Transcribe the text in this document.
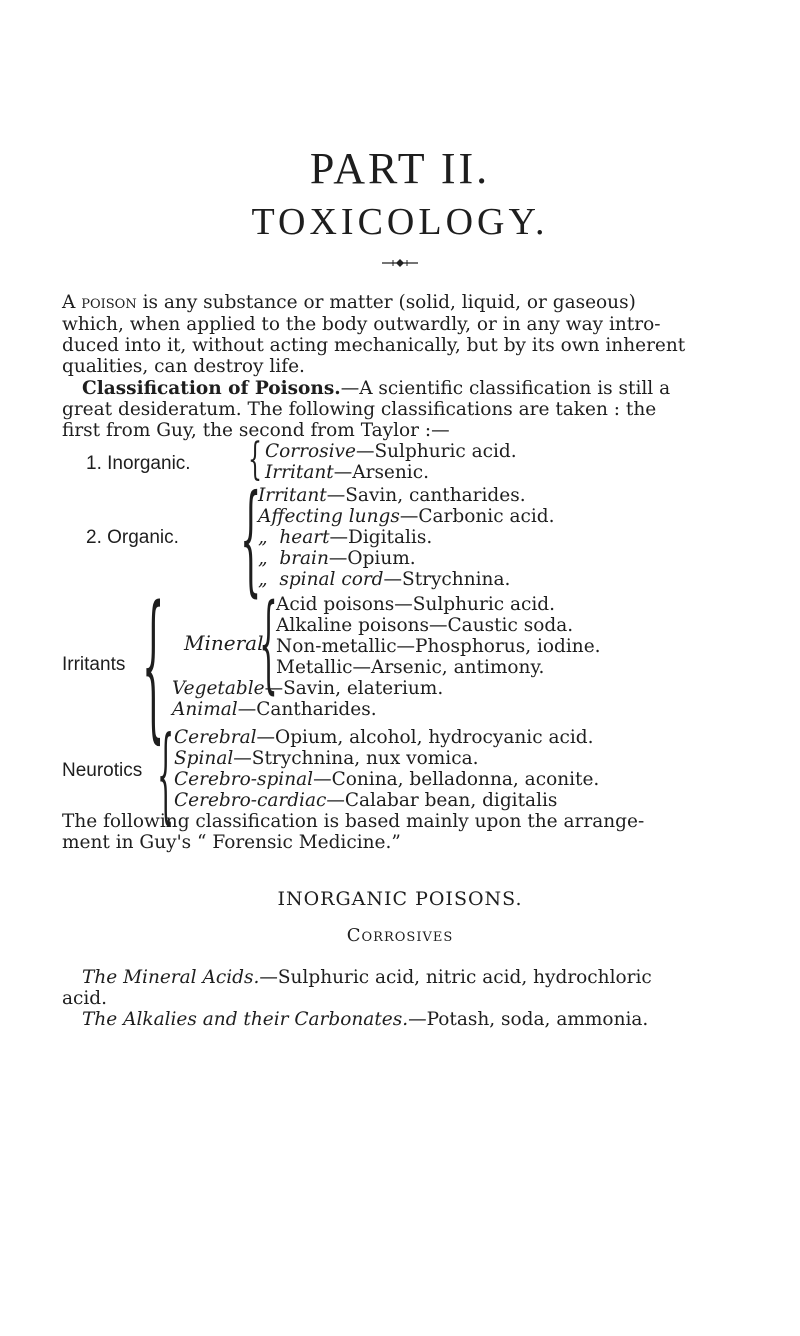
PART II.
TOXICOLOGY.
A poison is any substance or matter (solid, liquid, or gaseous)
which, when applied to the body outwardly, or in any way intro-
duced into it, without acting mechanically, but by its own inherent
qualities, can destroy life.
Classification of Poisons.—A scientific classification is still a
great desideratum. The following classifications are taken : the
first from Guy, the second from Taylor :—
1. Inorganic. { Corrosive—Sulphuric acid.
Irritant—Arsenic.
2. Organic. {
Irritant—Savin, cantharides.
Affecting lungs—Carbonic acid.
„  heart—Digitalis.
„  brain—Opium.
„  spinal cord—Strychnina.
Irritants { Mineral
{
Acid poisons—Sulphuric acid.
Alkaline poisons—Caustic soda.
Non-metallic—Phosphorus, iodine.
Metallic—Arsenic, antimony.
Vegetable—Savin, elaterium.
Animal—Cantharides.
Neurotics { Cerebral—Opium, alcohol, hydrocyanic acid.
Spinal—Strychnina, nux vomica.
Cerebro-spinal—Conina, belladonna, aconite.
Cerebro-cardiac—Calabar bean, digitalis
The following classification is based mainly upon the arrange-
ment in Guy's “ Forensic Medicine.”
INORGANIC POISONS.
Corrosives
The Mineral Acids.—Sulphuric acid, nitric acid, hydrochloric
acid.
The Alkalies and their Carbonates.—Potash, soda, ammonia.
